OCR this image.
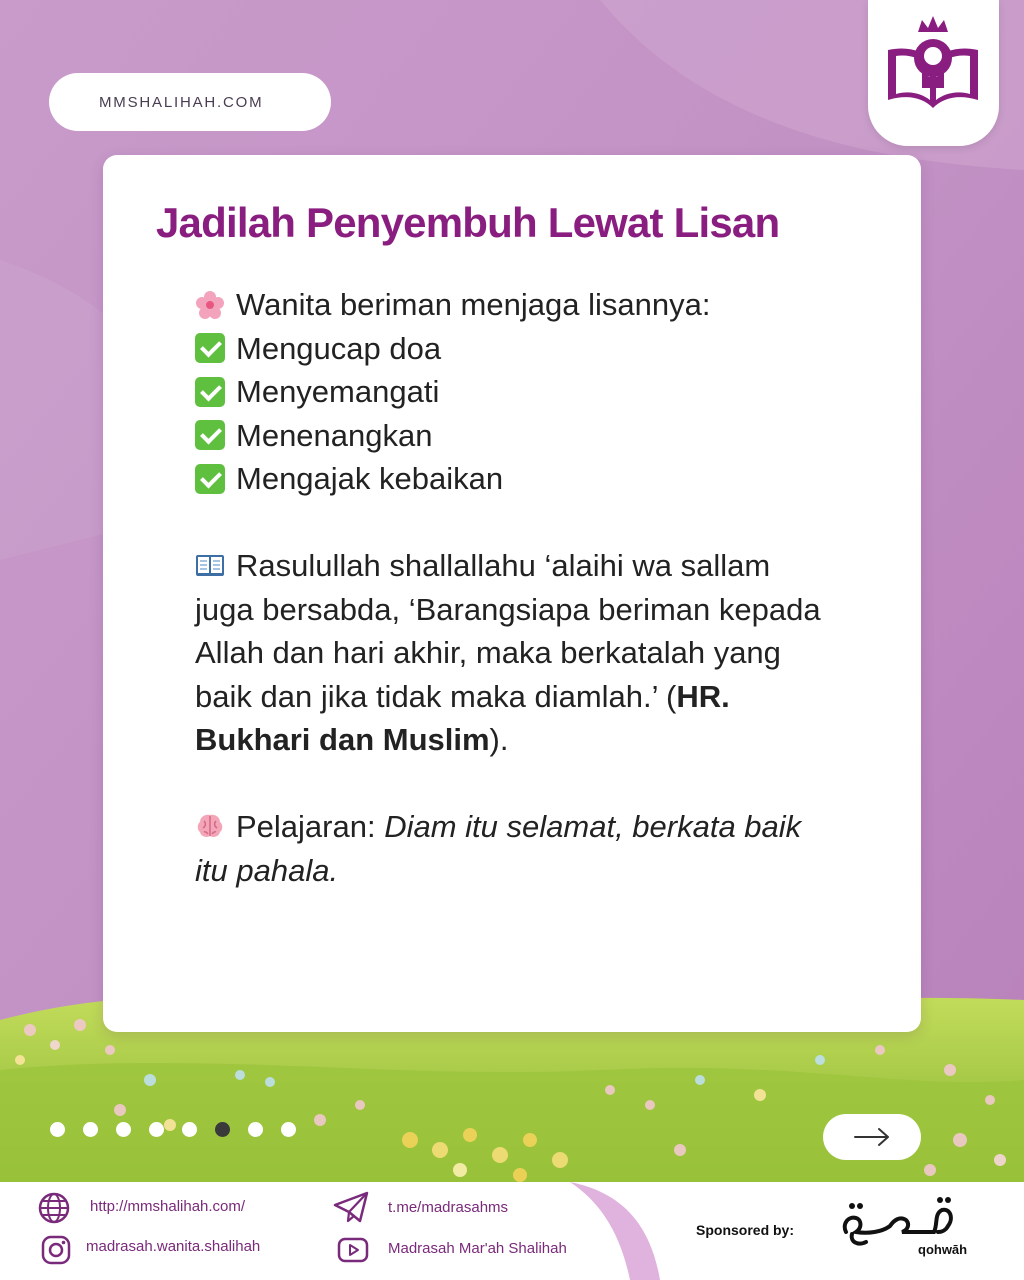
MMSHALIHAH.COM
Jadilah Penyembuh Lewat Lisan
Wanita beriman menjaga lisannya:
Mengucap doa
Menyemangati
Menenangkan
Mengajak kebaikan
Rasulullah shallallahu ‘alaihi wa sallam juga bersabda, ‘Barangsiapa beriman kepada Allah dan hari akhir, maka berkatalah yang baik dan jika tidak maka diamlah.’ (HR. Bukhari dan Muslim).
Pelajaran: Diam itu selamat, berkata baik itu pahala.
http://mmshalihah.com/
madrasah.wanita.shalihah
t.me/madrasahms
Madrasah Mar'ah Shalihah
Sponsored by:
qohwāh
